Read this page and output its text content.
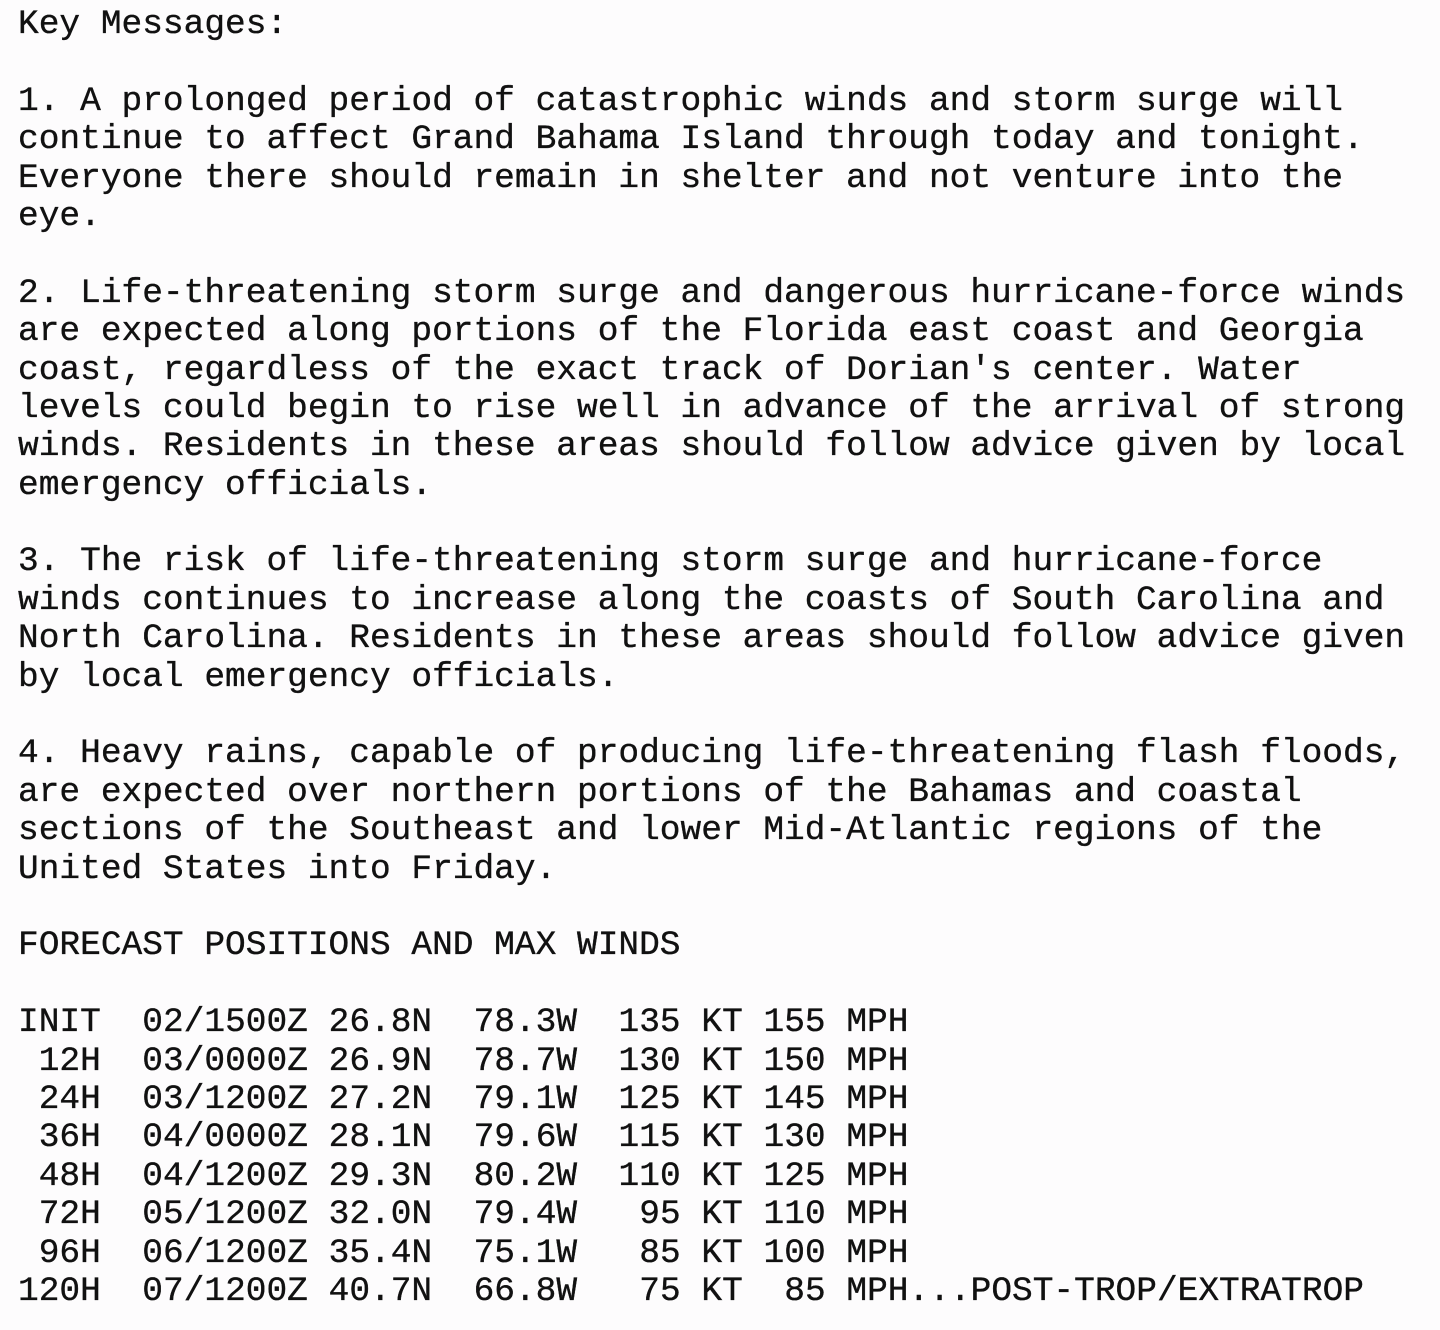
Key Messages:
1. A prolonged period of catastrophic winds and storm surge will
continue to affect Grand Bahama Island through today and tonight.
Everyone there should remain in shelter and not venture into the
eye.
2. Life-threatening storm surge and dangerous hurricane-force winds
are expected along portions of the Florida east coast and Georgia
coast, regardless of the exact track of Dorian's center. Water
levels could begin to rise well in advance of the arrival of strong
winds. Residents in these areas should follow advice given by local
emergency officials.
3. The risk of life-threatening storm surge and hurricane-force
winds continues to increase along the coasts of South Carolina and
North Carolina. Residents in these areas should follow advice given
by local emergency officials.
4. Heavy rains, capable of producing life-threatening flash floods,
are expected over northern portions of the Bahamas and coastal
sections of the Southeast and lower Mid-Atlantic regions of the
United States into Friday.
FORECAST POSITIONS AND MAX WINDS
INIT 02/1500Z 26.8N 78.3W 135 KT 155 MPH
12H 03/0000Z 26.9N 78.7W 130 KT 150 MPH
24H 03/1200Z 27.2N 79.1W 125 KT 145 MPH
36H 04/0000Z 28.1N 79.6W 115 KT 130 MPH
48H 04/1200Z 29.3N 80.2W 110 KT 125 MPH
72H 05/1200Z 32.0N 79.4W 95 KT 110 MPH
96H 06/1200Z 35.4N 75.1W 85 KT 100 MPH
120H 07/1200Z 40.7N 66.8W 75 KT 85 MPH...POST-TROP/EXTRATROP
